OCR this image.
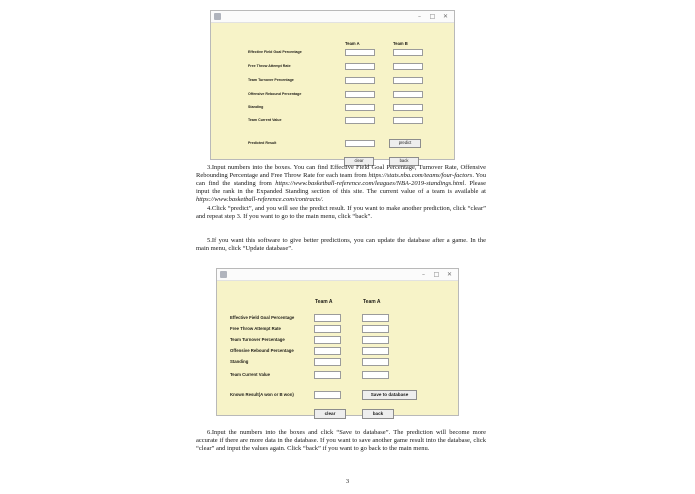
–	□	✕
Team A	Team B
Effective Field Goal Percentage
Free Throw Attempt Rate
Team Turnover Percentage
Offensive Rebound Percentage
Standing
Team Current Value
Predicted Result	predict
clear	back
3.Input numbers into the boxes. You can find Effective Field Goal Percentage, Turnover Rate, Offensive Rebounding Percentage and Free Throw Rate for each team from https://stats.nba.com/teams/four-factors. You can find the standing from https://www.basketball-reference.com/leagues/NBA-2019-standings.html. Please input the rank in the Expanded Standing section of this site. The current value of a team is available at https://www.basketball-reference.com/contracts/.
4.Click “predict”, and you will see the predict result. If you want to make another prediction, click “clear” and repeat step 3. If you want to go to the main menu, click “back”.
5.If you want this software to give better predictions, you can update the database after a game. In the main menu, click “Update database”.
–	□	✕
Team A	Team A
Effective Field Goal Percentage
Free Throw Attempt Rate
Team Turnover Percentage
Offensive Rebound Percentage
Standing
Team Current Value
Known Result(A won or B won)	Save to database
clear	back
6.Input the numbers into the boxes and click “Save to database”. The prediction will become more accurate if there are more data in the database. If you want to save another game result into the database, click “clear” and input the values again. Click “back” if you want to go back to the main menu.
3
